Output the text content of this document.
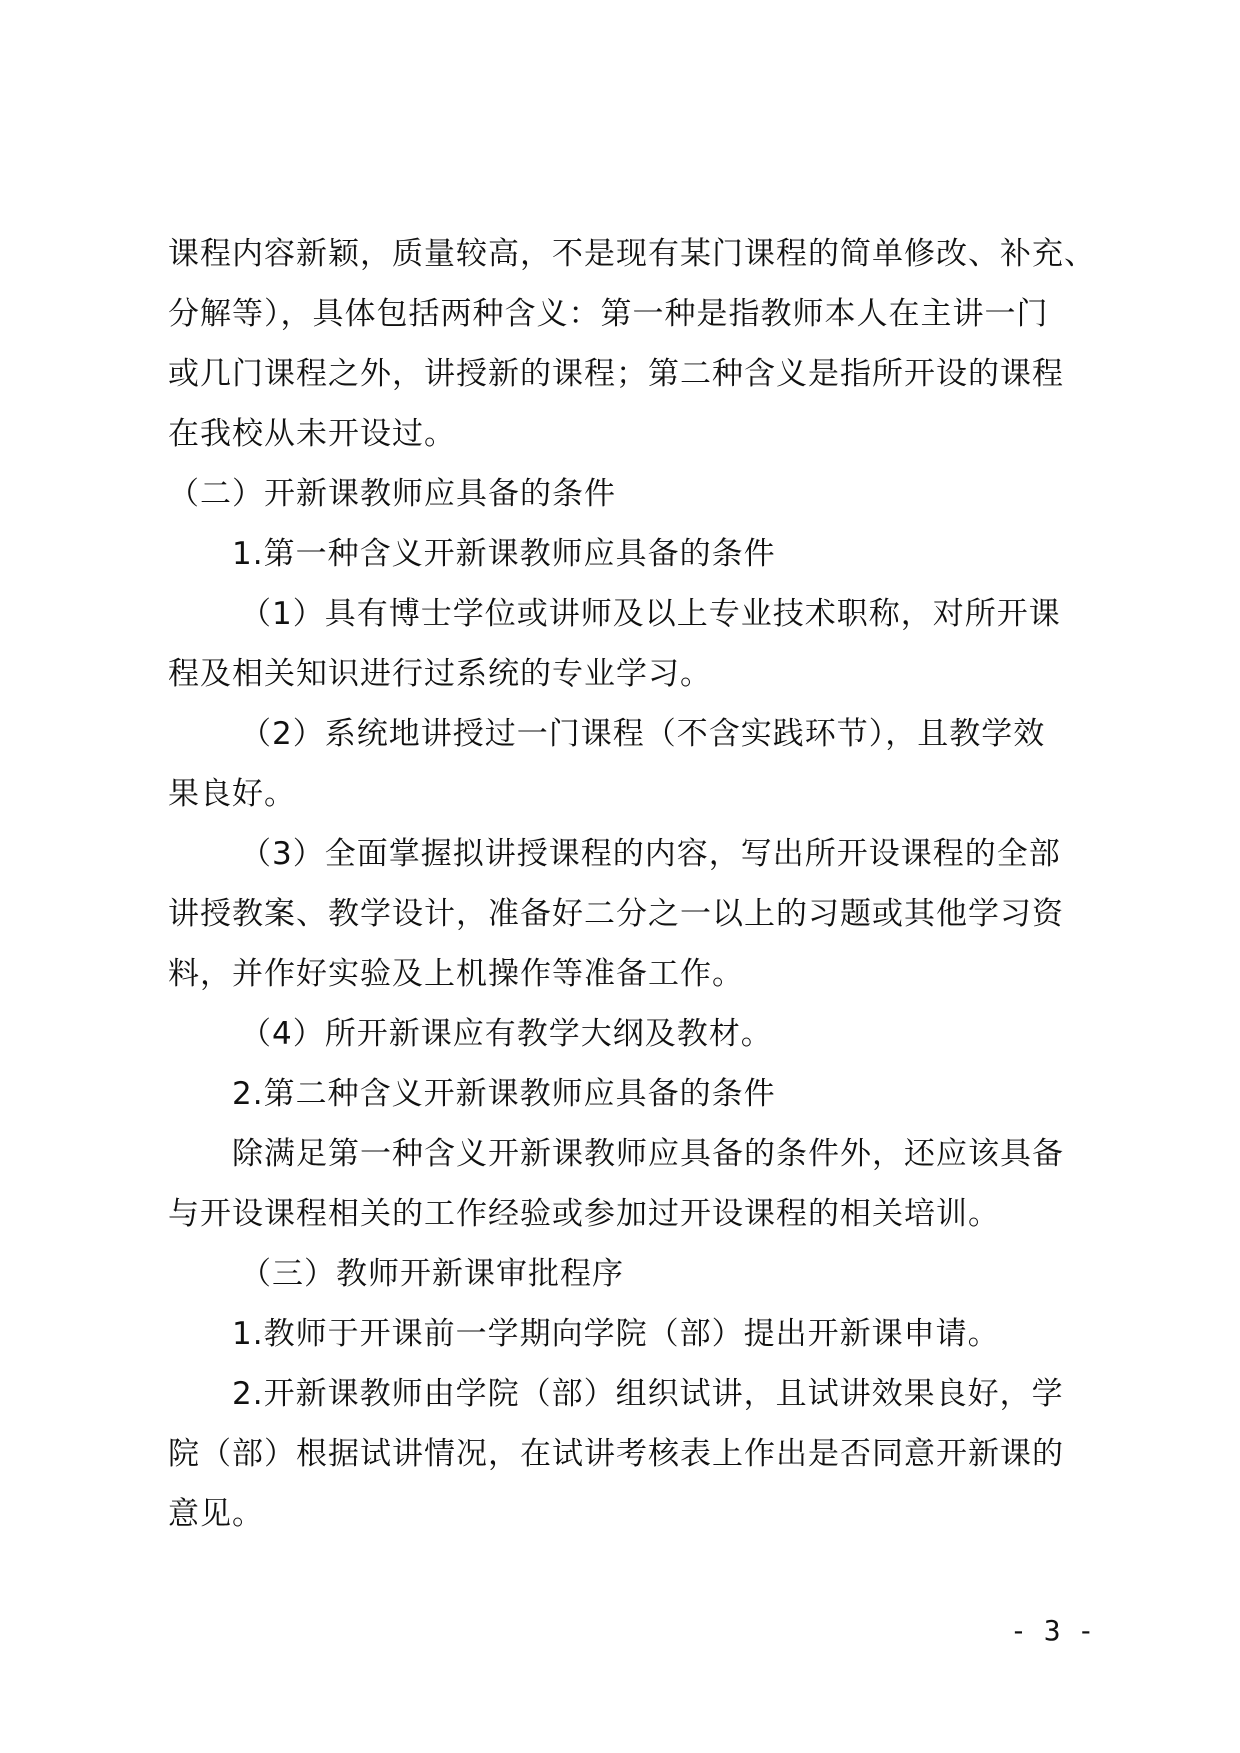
课程内容新颖，质量较高，不是现有某门课程的简单修改、补充、
分解等），具体包括两种含义：第一种是指教师本人在主讲一门
或几门课程之外，讲授新的课程；第二种含义是指所开设的课程
在我校从未开设过。
（二）开新课教师应具备的条件
1.第一种含义开新课教师应具备的条件
（1）具有博士学位或讲师及以上专业技术职称，对所开课
程及相关知识进行过系统的专业学习。
（2）系统地讲授过一门课程（不含实践环节），且教学效
果良好。
（3）全面掌握拟讲授课程的内容，写出所开设课程的全部
讲授教案、教学设计，准备好二分之一以上的习题或其他学习资
料，并作好实验及上机操作等准备工作。
（4）所开新课应有教学大纲及教材。
2.第二种含义开新课教师应具备的条件
除满足第一种含义开新课教师应具备的条件外，还应该具备
与开设课程相关的工作经验或参加过开设课程的相关培训。
（三）教师开新课审批程序
1.教师于开课前一学期向学院（部）提出开新课申请。
2.开新课教师由学院（部）组织试讲，且试讲效果良好，学
院（部）根据试讲情况，在试讲考核表上作出是否同意开新课的
意见。
- 3 -
